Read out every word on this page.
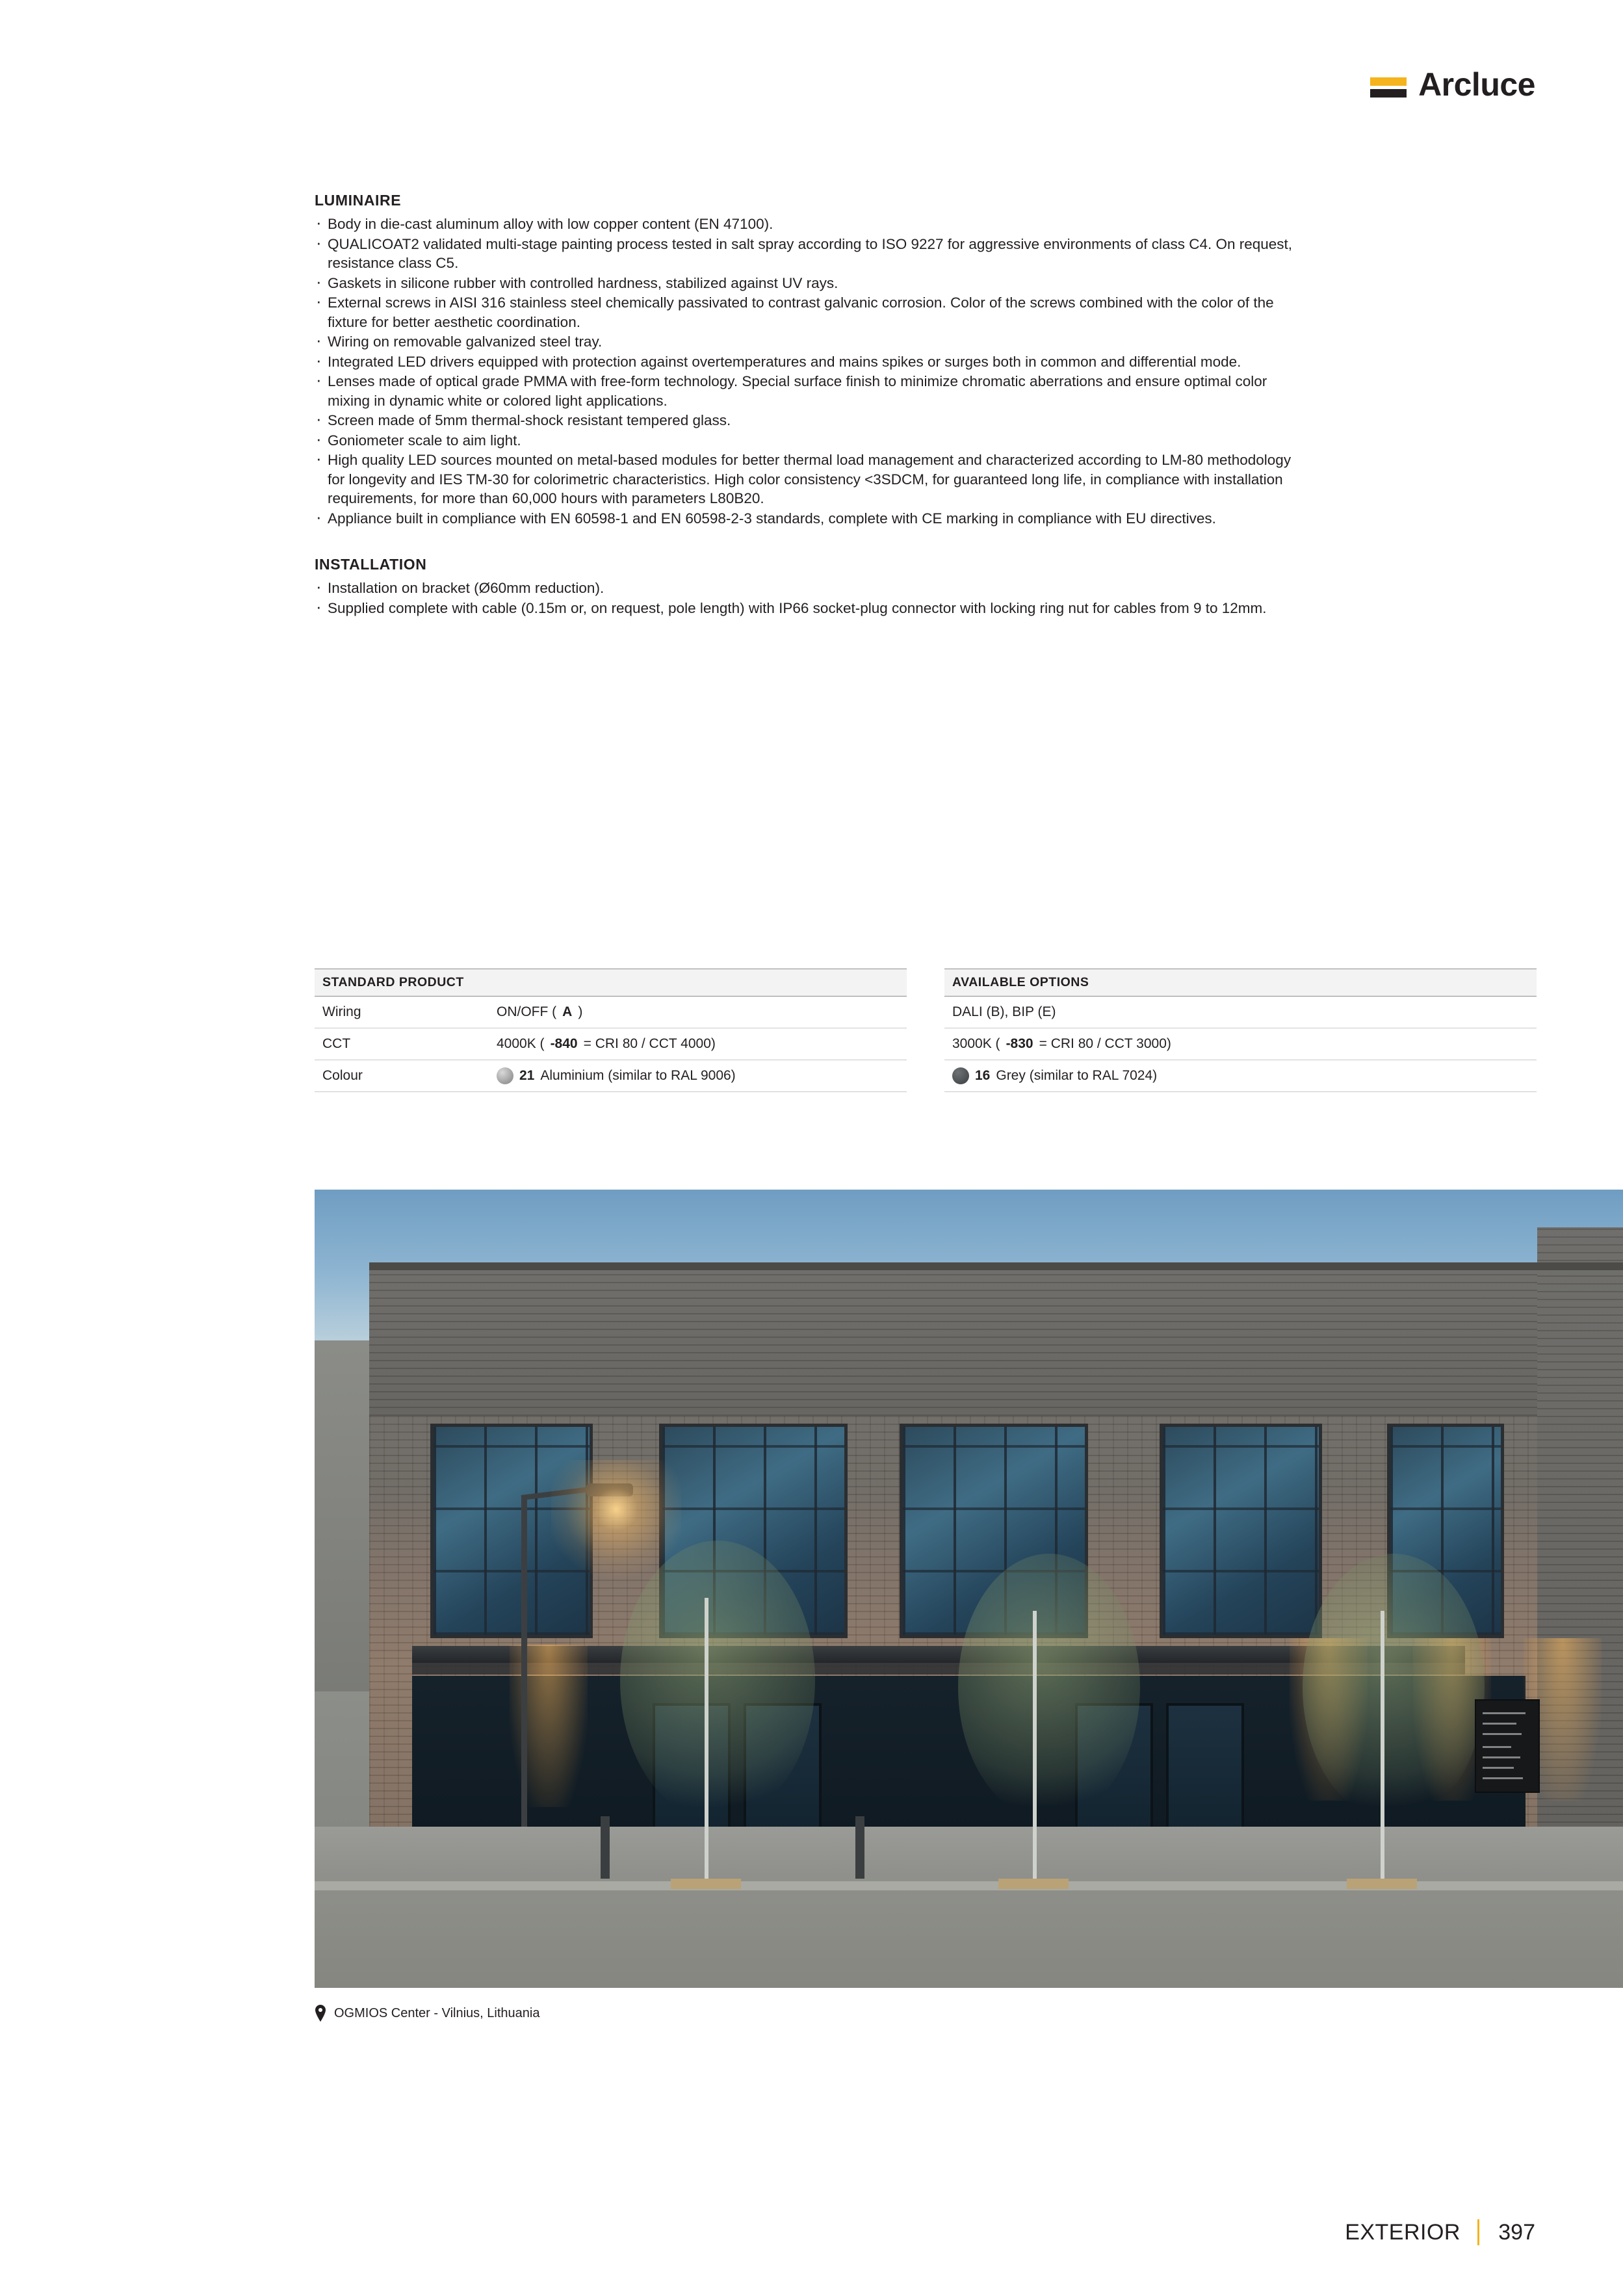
Arcluce
LUMINAIRE
· Body in die-cast aluminum alloy with low copper content (EN 47100).
· QUALICOAT2 validated multi-stage painting process tested in salt spray according to ISO 9227 for aggressive environments of class C4. On request, resistance class C5.
· Gaskets in silicone rubber with controlled hardness, stabilized against UV rays.
· External screws in AISI 316 stainless steel chemically passivated to contrast galvanic corrosion. Color of the screws combined with the color of the fixture for better aesthetic coordination.
· Wiring on removable galvanized steel tray.
· Integrated LED drivers equipped with protection against overtemperatures and mains spikes or surges both in common and differential mode.
· Lenses made of optical grade PMMA with free-form technology. Special surface finish to minimize chromatic aberrations and ensure optimal color mixing in dynamic white or colored light applications.
· Screen made of 5mm thermal-shock resistant tempered glass.
· Goniometer scale to aim light.
· High quality LED sources mounted on metal-based modules for better thermal load management and characterized according to LM-80 methodology for longevity and IES TM-30 for colorimetric characteristics. High color consistency <3SDCM, for guaranteed long life, in compliance with installation requirements, for more than 60,000 hours with parameters L80B20.
· Appliance built in compliance with EN 60598-1 and EN 60598-2-3 standards, complete with CE marking in compliance with EU directives.
INSTALLATION
· Installation on bracket (Ø60mm reduction).
· Supplied complete with cable (0.15m or, on request, pole length) with IP66 socket-plug connector with locking ring nut for cables from 9 to 12mm.
STANDARD PRODUCT
Wiring	ON/OFF ( A )
CCT	4000K ( -840 = CRI 80 / CCT 4000)
Colour	21 Aluminium (similar to RAL 9006)
AVAILABLE OPTIONS
DALI (B), BIP (E)
3000K ( -830 = CRI 80 / CCT 3000)
16 Grey (similar to RAL 7024)
OGMIOS Center - Vilnius, Lithuania
EXTERIOR 397
